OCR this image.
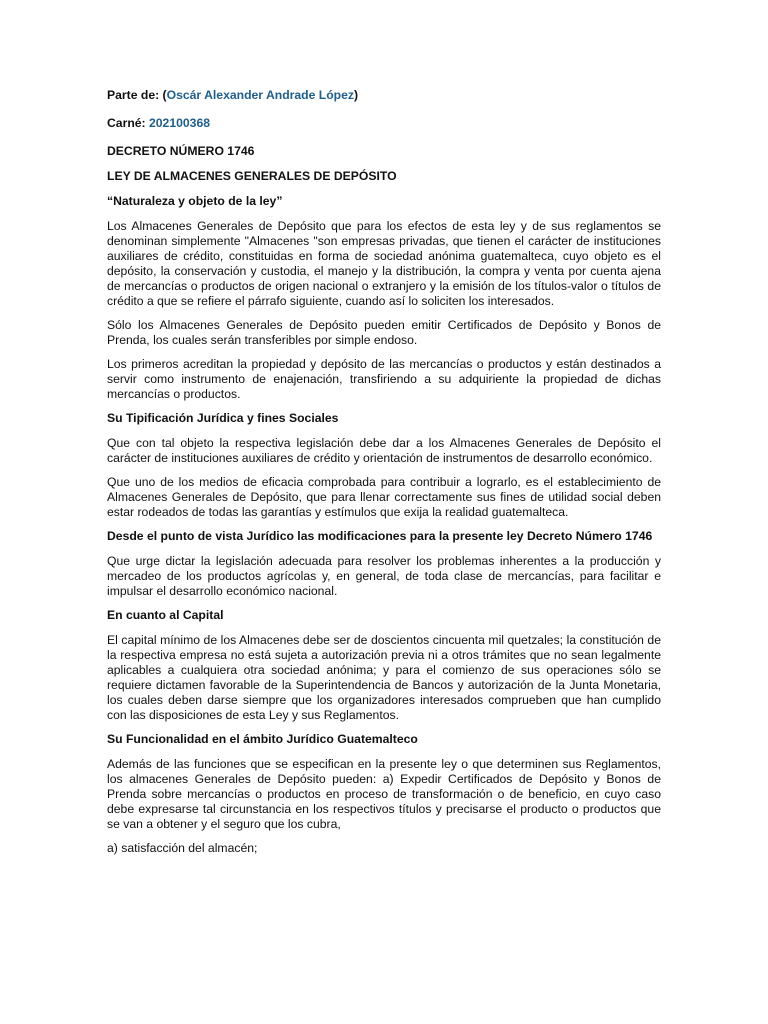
Parte de: (Oscár Alexander Andrade López)
Carné: 202100368
DECRETO NÚMERO 1746
LEY DE ALMACENES GENERALES DE DEPÓSITO
“Naturaleza y objeto de la ley”

Los Almacenes Generales de Depósito que para los efectos de esta ley y de sus reglamentos se denominan simplemente "Almacenes "son empresas privadas, que tienen el carácter de instituciones auxiliares de crédito, constituidas en forma de sociedad anónima guatemalteca, cuyo objeto es el depósito, la conservación y custodia, el manejo y la distribución, la compra y venta por cuenta ajena de mercancías o productos de origen nacional o extranjero y la emisión de los títulos-valor o títulos de crédito a que se refiere el párrafo siguiente, cuando así lo soliciten los interesados.

Sólo los Almacenes Generales de Depósito pueden emitir Certificados de Depósito y Bonos de Prenda, los cuales serán transferibles por simple endoso.

Los primeros acreditan la propiedad y depósito de las mercancías o productos y están destinados a servir como instrumento de enajenación, transfiriendo a su adquiriente la propiedad de dichas mercancías o productos.

Su Tipificación Jurídica y fines Sociales

Que con tal objeto la respectiva legislación debe dar a los Almacenes Generales de Depósito el carácter de instituciones auxiliares de crédito y orientación de instrumentos de desarrollo económico.

Que uno de los medios de eficacia comprobada para contribuir a lograrlo, es el establecimiento de Almacenes Generales de Depósito, que para llenar correctamente sus fines de utilidad social deben estar rodeados de todas las garantías y estímulos que exija la realidad guatemalteca.

Desde el punto de vista Jurídico las modificaciones para la presente ley Decreto Número 1746

Que urge dictar la legislación adecuada para resolver los problemas inherentes a la producción y mercadeo de los productos agrícolas y, en general, de toda clase de mercancías, para facilitar e impulsar el desarrollo económico nacional.

En cuanto al Capital

El capital mínimo de los Almacenes debe ser de doscientos cincuenta mil quetzales; la constitución de la respectiva empresa no está sujeta a autorización previa ni a otros trámites que no sean legalmente aplicables a cualquiera otra sociedad anónima; y para el comienzo de sus operaciones sólo se requiere dictamen favorable de la Superintendencia de Bancos y autorización de la Junta Monetaria, los cuales deben darse siempre que los organizadores interesados comprueben que han cumplido con las disposiciones de esta Ley y sus Reglamentos.

Su Funcionalidad en el ámbito Jurídico Guatemalteco

Además de las funciones que se especifican en la presente ley o que determinen sus Reglamentos, los almacenes Generales de Depósito pueden: a) Expedir Certificados de Depósito y Bonos de Prenda sobre mercancías o productos en proceso de transformación o de beneficio, en cuyo caso debe expresarse tal circunstancia en los respectivos títulos y precisarse el producto o productos que se van a obtener y el seguro que los cubra,

a) satisfacción del almacén;
